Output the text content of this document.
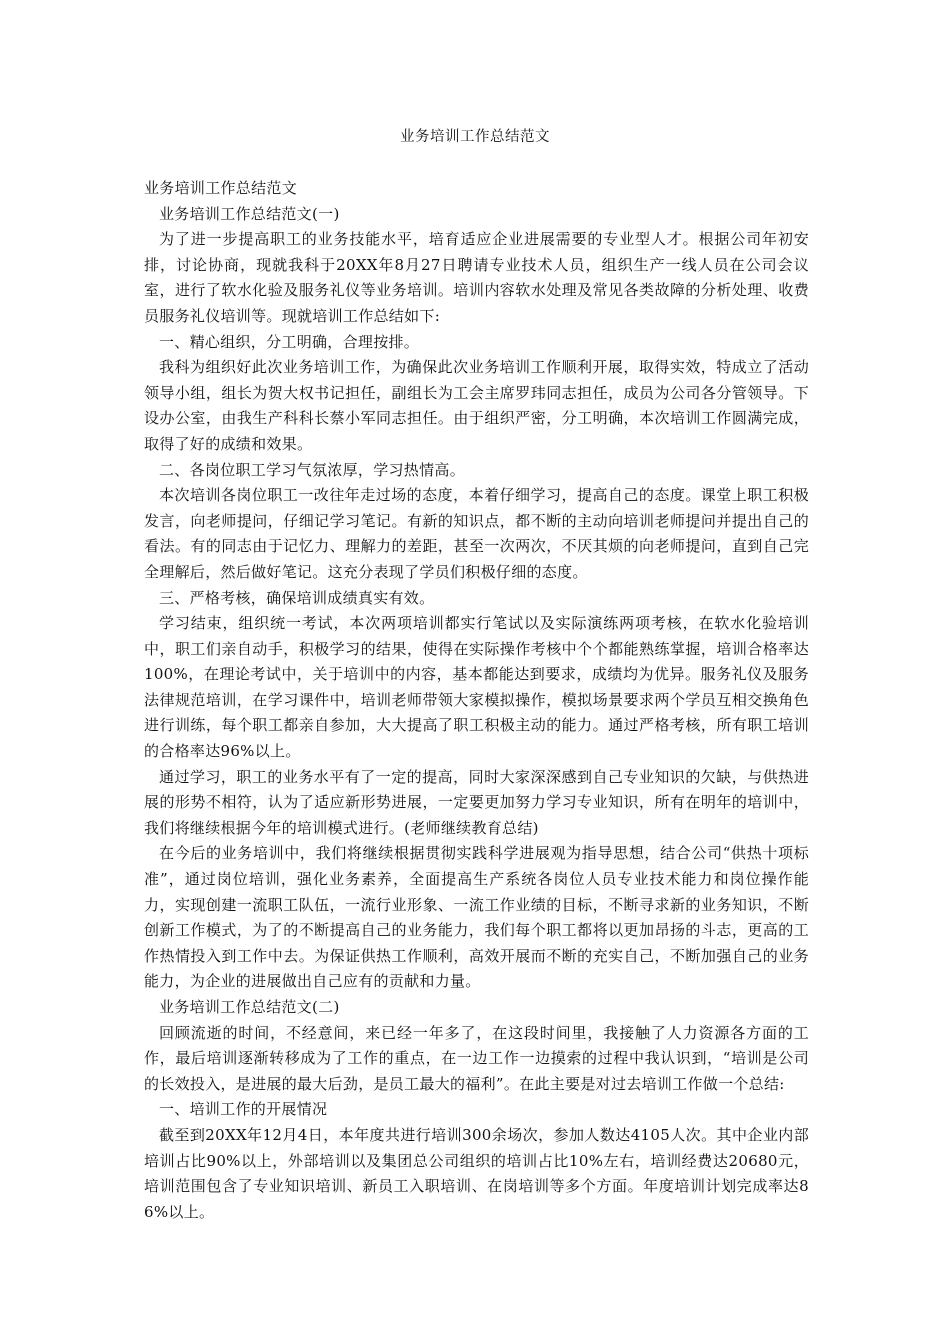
业务培训工作总结范文

业务培训工作总结范文

业务培训工作总结范文(一)

为了进一步提高职工的业务技能水平，培育适应企业进展需要的专业型人才。根据公司年初安排，讨论协商，现就我科于20XX年8月27日聘请专业技术人员，组织生产一线人员在公司会议室，进行了软水化验及服务礼仪等业务培训。培训内容软水处理及常见各类故障的分析处理、收费员服务礼仪培训等。现就培训工作总结如下:

一、精心组织，分工明确，合理按排。

我科为组织好此次业务培训工作，为确保此次业务培训工作顺利开展，取得实效，特成立了活动领导小组，组长为贺大权书记担任，副组长为工会主席罗玮同志担任，成员为公司各分管领导。下设办公室，由我生产科科长蔡小军同志担任。由于组织严密，分工明确，本次培训工作圆满完成，取得了好的成绩和效果。

二、各岗位职工学习气氛浓厚，学习热情高。

本次培训各岗位职工一改往年走过场的态度，本着仔细学习，提高自己的态度。课堂上职工积极发言，向老师提问，仔细记学习笔记。有新的知识点，都不断的主动向培训老师提问并提出自己的看法。有的同志由于记忆力、理解力的差距，甚至一次两次，不厌其烦的向老师提问，直到自己完全理解后，然后做好笔记。这充分表现了学员们积极仔细的态度。

三、严格考核，确保培训成绩真实有效。

学习结束，组织统一考试，本次两项培训都实行笔试以及实际演练两项考核，在软水化验培训中，职工们亲自动手，积极学习的结果，使得在实际操作考核中个个都能熟练掌握，培训合格率达100%，在理论考试中，关于培训中的内容，基本都能达到要求，成绩均为优异。服务礼仪及服务法律规范培训，在学习课件中，培训老师带领大家模拟操作，模拟场景要求两个学员互相交换角色进行训练，每个职工都亲自参加，大大提高了职工积极主动的能力。通过严格考核，所有职工培训的合格率达96%以上。

通过学习，职工的业务水平有了一定的提高，同时大家深深感到自己专业知识的欠缺，与供热进展的形势不相符，认为了适应新形势进展，一定要更加努力学习专业知识，所有在明年的培训中，我们将继续根据今年的培训模式进行。(老师继续教育总结)

在今后的业务培训中，我们将继续根据贯彻实践科学进展观为指导思想，结合公司“供热十项标准”，通过岗位培训，强化业务素养，全面提高生产系统各岗位人员专业技术能力和岗位操作能力，实现创建一流职工队伍，一流行业形象、一流工作业绩的目标，不断寻求新的业务知识，不断创新工作模式，为了的不断提高自己的业务能力，我们每个职工都将以更加昂扬的斗志，更高的工作热情投入到工作中去。为保证供热工作顺利，高效开展而不断的充实自己，不断加强自己的业务能力，为企业的进展做出自己应有的贡献和力量。

业务培训工作总结范文(二)

回顾流逝的时间，不经意间，来已经一年多了，在这段时间里，我接触了人力资源各方面的工作，最后培训逐渐转移成为了工作的重点，在一边工作一边摸索的过程中我认识到，“培训是公司的长效投入，是进展的最大后劲，是员工最大的福利”。在此主要是对过去培训工作做一个总结:

一、培训工作的开展情况

截至到20XX年12月4日，本年度共进行培训300余场次，参加人数达4105人次。其中企业内部培训占比90%以上，外部培训以及集团总公司组织的培训占比10%左右，培训经费达20680元，培训范围包含了专业知识培训、新员工入职培训、在岗培训等多个方面。年度培训计划完成率达86%以上。
